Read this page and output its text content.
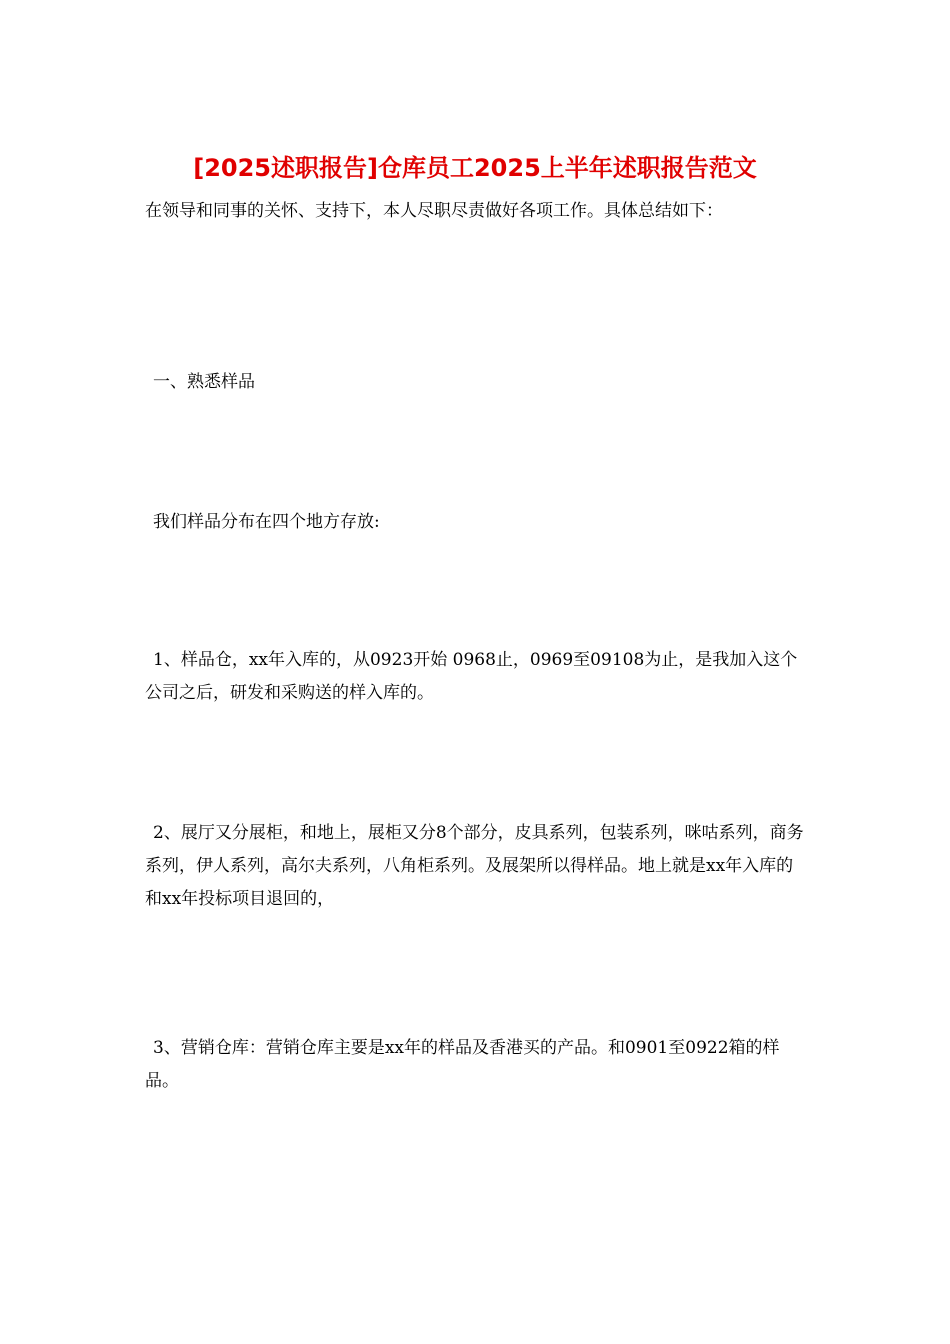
[2025述职报告]仓库员工2025上半年述职报告范文

在领导和同事的关怀、支持下，本人尽职尽责做好各项工作。具体总结如下：

一、熟悉样品

我们样品分布在四个地方存放:

1、样品仓，xx年入库的，从0923开始 0968止，0969至09108为止，是我加入这个公司之后，研发和采购送的样入库的。

2、展厅又分展柜，和地上，展柜又分8个部分，皮具系列，包装系列，咪咕系列，商务系列，伊人系列，高尔夫系列，八角柜系列。及展架所以得样品。地上就是xx年入库的和xx年投标项目退回的，

3、营销仓库：营销仓库主要是xx年的样品及香港买的产品。和0901至0922箱的样品。
